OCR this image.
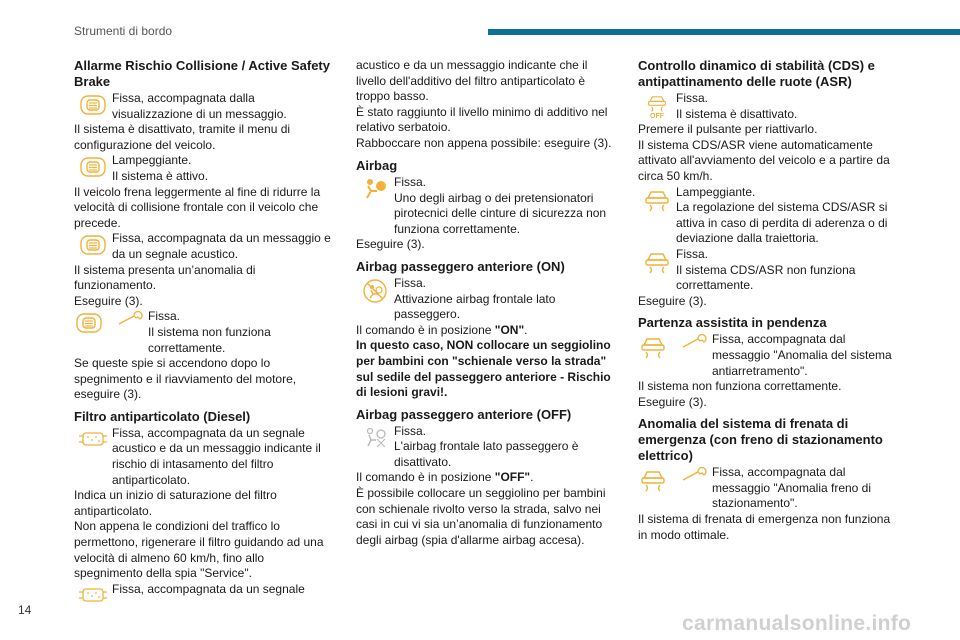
Strumenti di bordo
Allarme Rischio Collisione / Active Safety Brake

Fissa, accompagnata dalla visualizzazione di un messaggio.

Il sistema è disattivato, tramite il menu di configurazione del veicolo.

Lampeggiante.
Il sistema è attivo.

Il veicolo frena leggermente al fine di ridurre la velocità di collisione frontale con il veicolo che precede.

Fissa, accompagnata da un messaggio e da un segnale acustico.

Il sistema presenta un’anomalia di funzionamento.

Eseguire (3).

Fissa.
Il sistema non funziona correttamente.

Se queste spie si accendono dopo lo spegnimento e il riavviamento del motore, eseguire (3).

Filtro antiparticolato (Diesel)

Fissa, accompagnata da un segnale acustico e da un messaggio indicante il rischio di intasamento del filtro antiparticolato.

Indica un inizio di saturazione del filtro antiparticolato.

Non appena le condizioni del traffico lo permettono, rigenerare il filtro guidando ad una velocità di almeno 60 km/h, fino allo spegnimento della spia "Service".

Fissa, accompagnata da un segnale

acustico e da un messaggio indicante che il livello dell'additivo del filtro antiparticolato è troppo basso.

È stato raggiunto il livello minimo di additivo nel relativo serbatoio.

Rabboccare non appena possibile: eseguire (3).

Airbag

Fissa.

Uno degli airbag o dei pretensionatori pirotecnici delle cinture di sicurezza non funziona correttamente.

Eseguire (3).

Airbag passeggero anteriore (ON)

Fissa.
Attivazione airbag frontale lato passeggero.

Il comando è in posizione "ON".

In questo caso, NON collocare un seggiolino per bambini con "schienale verso la strada" sul sedile del passeggero anteriore - Rischio di lesioni gravi!.

Airbag passeggero anteriore (OFF)

Fissa.
L'airbag frontale lato passeggero è disattivato.

Il comando è in posizione "OFF".

È possibile collocare un seggiolino per bambini con schienale rivolto verso la strada, salvo nei casi in cui vi sia un’anomalia di funzionamento degli airbag (spia d'allarme airbag accesa).

Controllo dinamico di stabilità (CDS) e antipattinamento delle ruote (ASR)
OFF

Fissa.
Il sistema è disattivato.

Premere il pulsante per riattivarlo.

Il sistema CDS/ASR viene automaticamente attivato all'avviamento del veicolo e a partire da circa 50 km/h.

Lampeggiante.
La regolazione del sistema CDS/ASR si attiva in caso di perdita di aderenza o di deviazione dalla traiettoria.

Fissa.
Il sistema CDS/ASR non funziona correttamente.

Eseguire (3).

Partenza assistita in pendenza

Fissa, accompagnata dal messaggio "Anomalia del sistema antiarretramento".

Il sistema non funziona correttamente.

Eseguire (3).

Anomalia del sistema di frenata di emergenza (con freno di stazionamento elettrico)

Fissa, accompagnata dal messaggio "Anomalia freno di stazionamento".

Il sistema di frenata di emergenza non funziona in modo ottimale.

14
carmanualsonline.info
